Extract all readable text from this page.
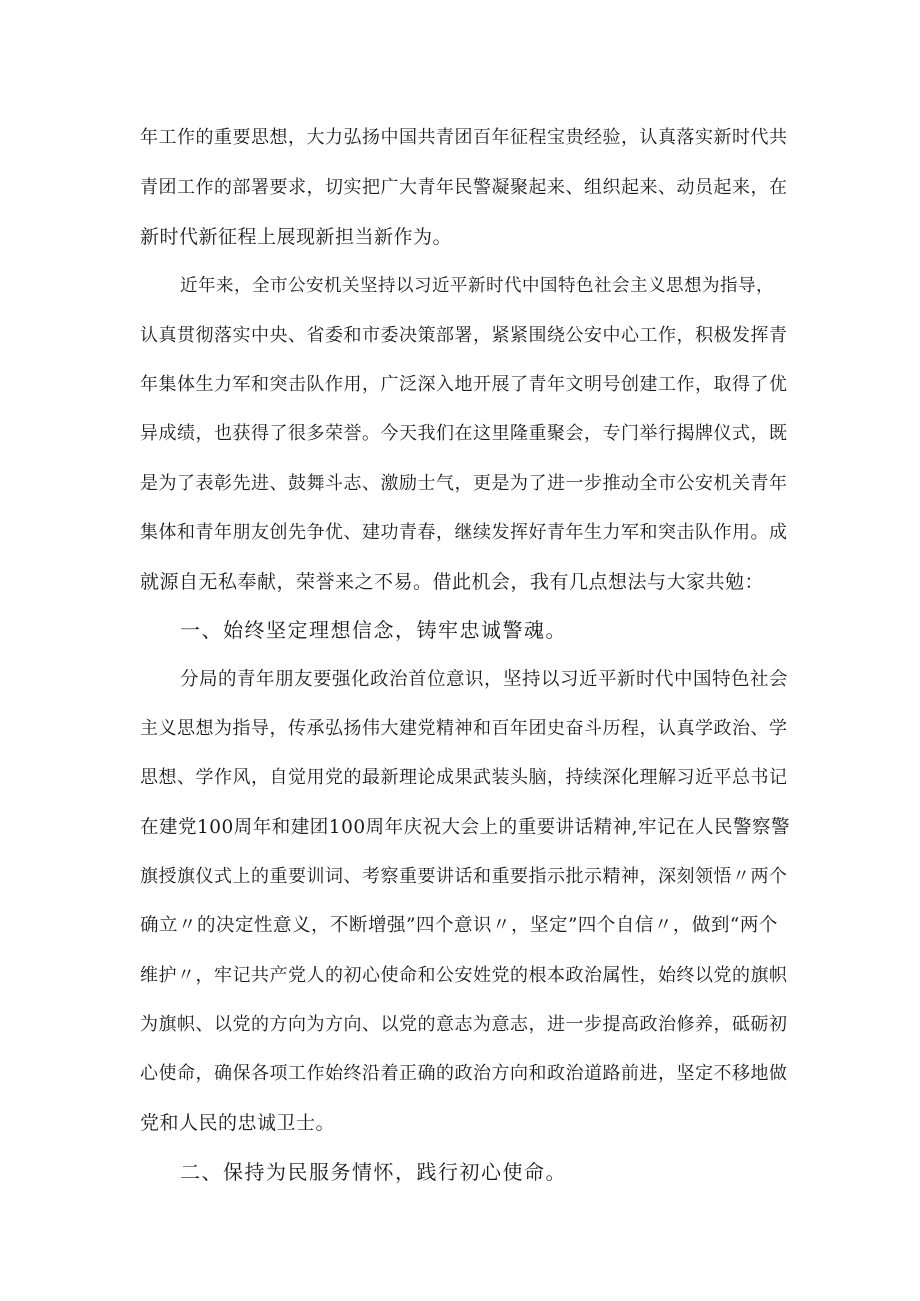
年工作的重要思想，大力弘扬中国共青团百年征程宝贵经验，认真落实新时代共
青团工作的部署要求，切实把广大青年民警凝聚起来、组织起来、动员起来，在
新时代新征程上展现新担当新作为。
近年来，全市公安机关坚持以习近平新时代中国特色社会主义思想为指导，
认真贯彻落实中央、省委和市委决策部署，紧紧围绕公安中心工作，积极发挥青
年集体生力军和突击队作用，广泛深入地开展了青年文明号创建工作，取得了优
异成绩，也获得了很多荣誉。今天我们在这里隆重聚会，专门举行揭牌仪式，既
是为了表彰先进、鼓舞斗志、激励士气，更是为了进一步推动全市公安机关青年
集体和青年朋友创先争优、建功青春，继续发挥好青年生力军和突击队作用。成
就源自无私奉献，荣誉来之不易。借此机会，我有几点想法与大家共勉：
一、始终坚定理想信念，铸牢忠诚警魂。
分局的青年朋友要强化政治首位意识，坚持以习近平新时代中国特色社会
主义思想为指导，传承弘扬伟大建党精神和百年团史奋斗历程，认真学政治、学
思想、学作风，自觉用党的最新理论成果武装头脑，持续深化理解习近平总书记
在建党100周年和建团100周年庆祝大会上的重要讲话精神,牢记在人民警察警
旗授旗仪式上的重要训词、考察重要讲话和重要指示批示精神，深刻领悟〃两个
确立〃的决定性意义，不断增强”四个意识〃，坚定”四个自信〃，做到“两个
维护〃，牢记共产党人的初心使命和公安姓党的根本政治属性，始终以党的旗帜
为旗帜、以党的方向为方向、以党的意志为意志，进一步提高政治修养，砥砺初
心使命，确保各项工作始终沿着正确的政治方向和政治道路前进，坚定不移地做
党和人民的忠诚卫士。
二、保持为民服务情怀，践行初心使命。
